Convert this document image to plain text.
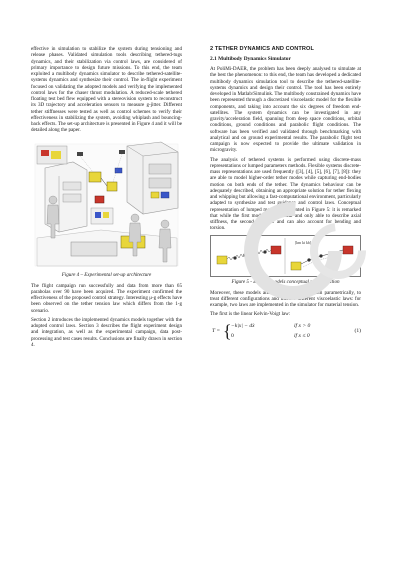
effective in simulation to stabilize the system during tensioning and release phases. Validated simulation tools describing tethered-tugs dynamics, and their stabilization via control laws, are considered of primary importance to design future missions. To this end, the team exploited a multibody dynamics simulator to describe tethered-satellite-systems dynamics and synthesize their control. The in-flight experiment focused on validating the adopted models and verifying the implemented control laws for the chaser thrust modulation. A reduced-scale tethered floating test bed flew equipped with a stereovision system to reconstruct its 3D trajectory and acceleration sensors to measure g-jitter. Different tether stiffnesses were tested as well as control schemes to verify their effectiveness in stabilizing the system, avoiding whiplash and bouncing-back effects. The set-up architecture is presented in Figure 4 and it will be detailed along the paper.

Figure 4 – Experimental set-up architecture

The flight campaign run successfully and data from more than 65 parabolas over 90 have been acquired. The experiment confirmed the effectiveness of the proposed control strategy. Interesting μ-g effects have been observed on the tether tension law which differs from the 1-g scenario.

Section 2 introduces the implemented dynamics models together with the adopted control laws. Section 3 describes the flight experiment design and integration, as well as the experimental campaign, data post-processing and test cases results. Conclusions are finally drawn in section 4.

2 TETHER DYNAMICS AND CONTROL
2.1 Multibody Dynamics Simulator

At PoliMi-DAER, the problem has been deeply analysed to simulate at the best the phenomenon: to this end, the team has developed a dedicated multibody dynamics simulation tool to describe the tethered-satellite-systems dynamics and design their control. The tool has been entirely developed in Matlab/Simulink. The multibody constrained dynamics have been represented through a discretized viscoelastic model for the flexible components, and taking into account the six degrees of freedom end-satellites. The system dynamics can be investigated in any gravity/acceleration field, spanning from deep space conditions, orbital conditions, ground conditions and parabolic flight conditions. The software has been verified and validated through benchmarking with analytical and on ground experimental results. The parabolic flight test campaign is now expected to provide the ultimate validation in microgravity.

The analysis of tethered systems is performed using discrete-mass representations or lumped parameters methods. Flexible systems discrete-mass representations are used frequently ([3], [4], [5], [6], [7], [8]): they are able to model higher-order tether modes while capturing end-bodies motion on both ends of the tether. The dynamics behaviour can be adequately described, obtaining an appropriate solution for tether flexing and whipping but allowing a fast-computational environment, particularly adapted to synthesize and test guidance and control laws. Conceptual representation of lumped models is presented in Figure 5: it is remarked that while the first model is non-linear and only able to describe axial stiffness, the second is linear and can also account for bending and torsion.

[km kt kb]

Figure 5 - Lumped models conceptual representation

Moreover, these models allow describing the system parametrically, to treat different configurations and include different viscoelastic laws: for example, two laws are implemented in the simulator for material tension.

The first is the linear Kelvin-Voigt law:

T = { −k|x| − dẋ	if x > 0
0	if x ≤ 0
(1)
